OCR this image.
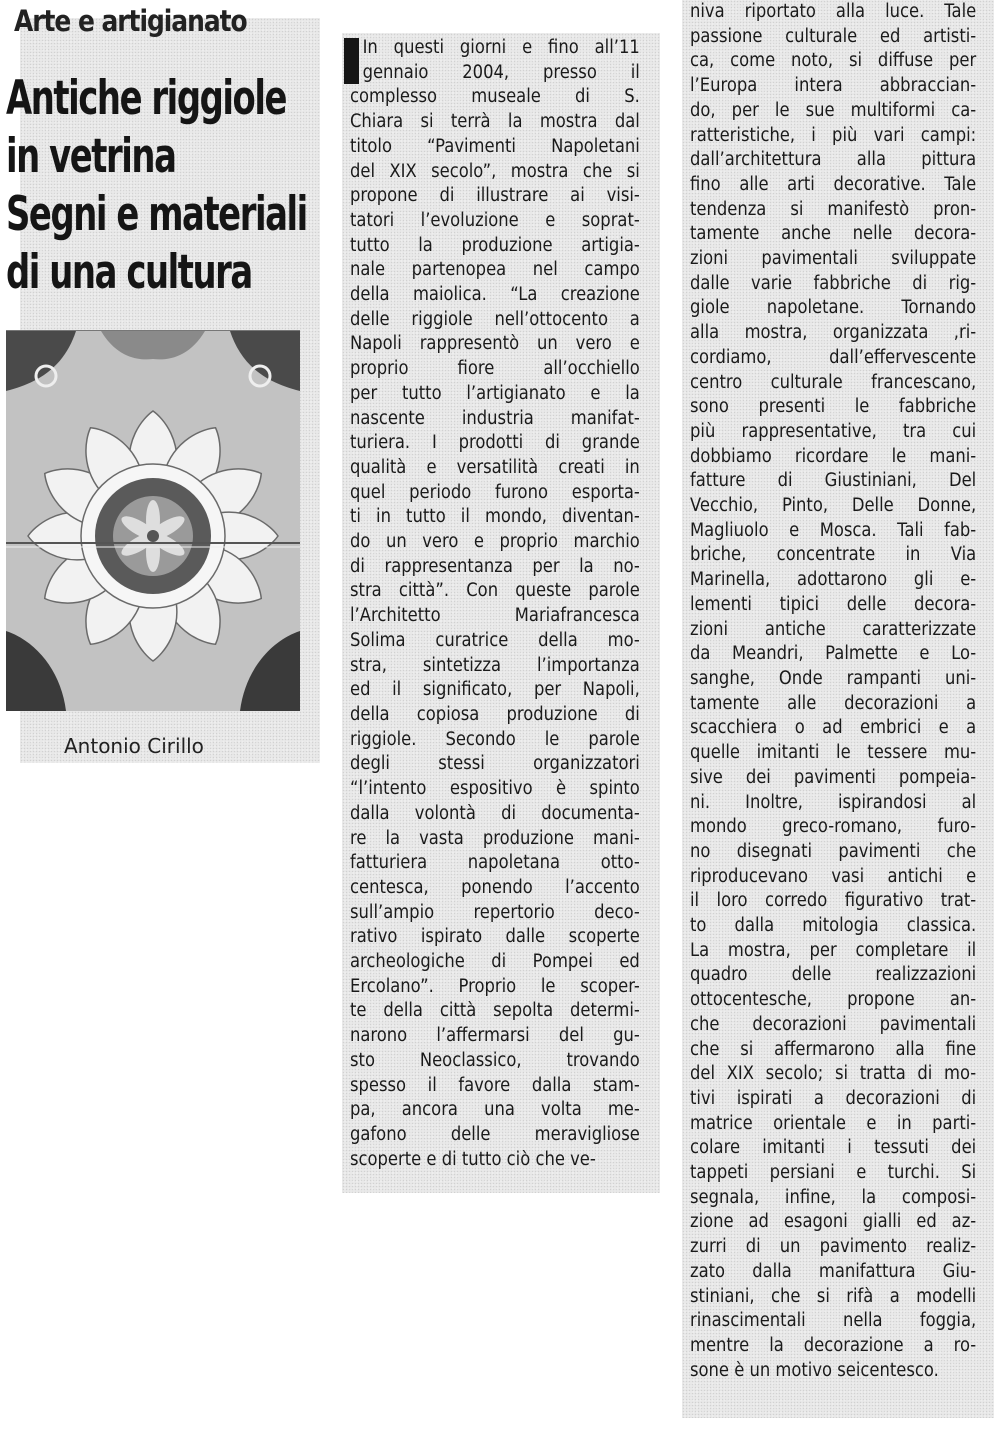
Arte e artigianato
Antiche riggiole
in vetrina
Segni e materiali
di una cultura

Antonio Cirillo

In questi giorni e fino all’11
gennaio 2004, presso il
complesso museale di S.
Chiara si terrà la mostra dal
titolo “Pavimenti Napoletani
del XIX secolo”, mostra che si
propone di illustrare ai visi-
tatori l’evoluzione e soprat-
tutto la produzione artigia-
nale partenopea nel campo
della maiolica. “La creazione
delle riggiole nell’ottocento a
Napoli rappresentò un vero e
proprio fiore all’occhiello
per tutto l’artigianato e la
nascente industria manifat-
turiera. I prodotti di grande
qualità e versatilità creati in
quel periodo furono esporta-
ti in tutto il mondo, diventan-
do un vero e proprio marchio
di rappresentanza per la no-
stra città”. Con queste parole
l’Architetto Mariafrancesca
Solima curatrice della mo-
stra, sintetizza l’importanza
ed il significato, per Napoli,
della copiosa produzione di
riggiole. Secondo le parole
degli stessi organizzatori
“l’intento espositivo è spinto
dalla volontà di documenta-
re la vasta produzione mani-
fatturiera napoletana otto-
centesca, ponendo l’accento
sull’ampio repertorio deco-
rativo ispirato dalle scoperte
archeologiche di Pompei ed
Ercolano”. Proprio le scoper-
te della città sepolta determi-
narono l’affermarsi del gu-
sto Neoclassico, trovando
spesso il favore dalla stam-
pa, ancora una volta me-
gafono delle meravigliose
scoperte e di tutto ciò che ve-
niva riportato alla luce. Tale
passione culturale ed artisti-
ca, come noto, si diffuse per
l’Europa intera abbraccian-
do, per le sue multiformi ca-
ratteristiche, i più vari campi:
dall’architettura alla pittura
fino alle arti decorative. Tale
tendenza si manifestò pron-
tamente anche nelle decora-
zioni pavimentali sviluppate
dalle varie fabbriche di rig-
giole napoletane. Tornando
alla mostra, organizzata ,ri-
cordiamo, dall’effervescente
centro culturale francescano,
sono presenti le fabbriche
più rappresentative, tra cui
dobbiamo ricordare le mani-
fatture di Giustiniani, Del
Vecchio, Pinto, Delle Donne,
Magliuolo e Mosca. Tali fab-
briche, concentrate in Via
Marinella, adottarono gli e-
lementi tipici delle decora-
zioni antiche caratterizzate
da Meandri, Palmette e Lo-
sanghe, Onde rampanti uni-
tamente alle decorazioni a
scacchiera o ad embrici e a
quelle imitanti le tessere mu-
sive dei pavimenti pompeia-
ni. Inoltre, ispirandosi al
mondo greco-romano, furo-
no disegnati pavimenti che
riproducevano vasi antichi e
il loro corredo figurativo trat-
to dalla mitologia classica.
La mostra, per completare il
quadro delle realizzazioni
ottocentesche, propone an-
che decorazioni pavimentali
che si affermarono alla fine
del XIX secolo; si tratta di mo-
tivi ispirati a decorazioni di
matrice orientale e in parti-
colare imitanti i tessuti dei
tappeti persiani e turchi. Si
segnala, infine, la composi-
zione ad esagoni gialli ed az-
zurri di un pavimento realiz-
zato dalla manifattura Giu-
stiniani, che si rifà a modelli
rinascimentali nella foggia,
mentre la decorazione a ro-
sone è un motivo seicentesco.
